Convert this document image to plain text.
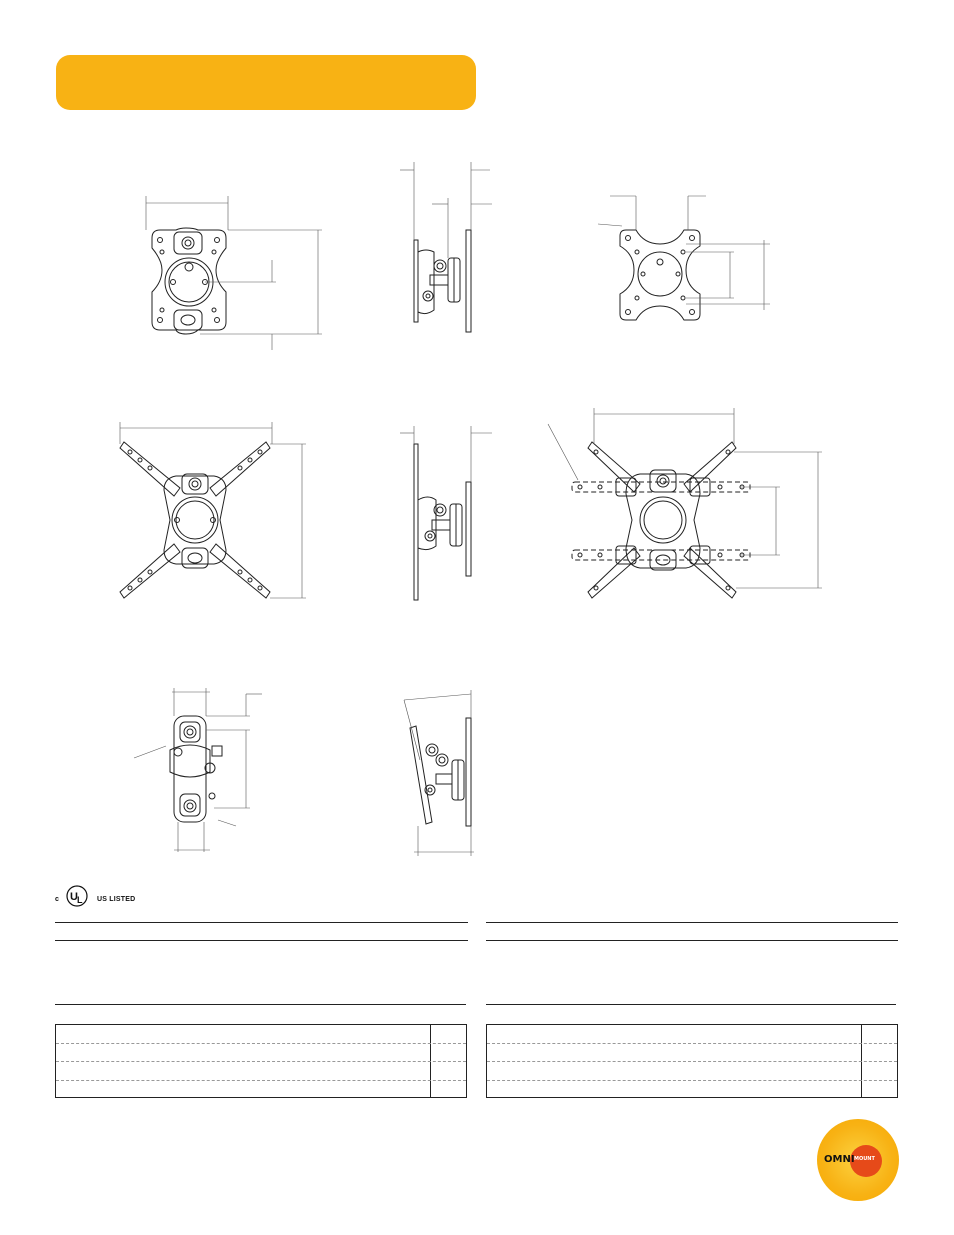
U L
c	US LISTED
OMNI MOUNT
